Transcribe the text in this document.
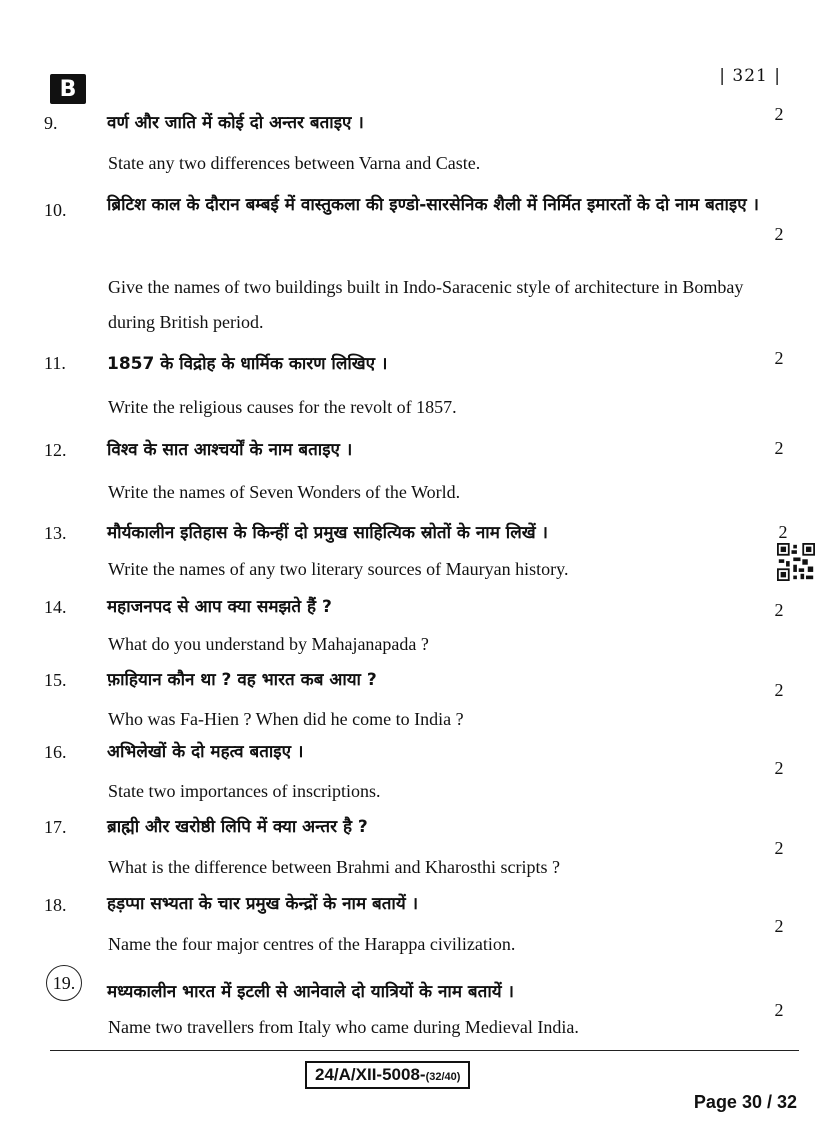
B
| 321 |
9.	वर्ण और जाति में कोई दो अन्तर बताइए ।	2
State any two differences between Varna and Caste.
10.	ब्रिटिश काल के दौरान बम्बई में वास्तुकला की इण्डो-सारसेनिक शैली में निर्मित इमारतों के दो नाम बताइए ।
2
Give the names of two buildings built in Indo-Saracenic style of architecture in Bombay during British period.
11.	1857 के विद्रोह के धार्मिक कारण लिखिए ।	2
Write the religious causes for the revolt of 1857.
12.	विश्व के सात आश्चर्यों के नाम बताइए ।	2
Write the names of Seven Wonders of the World.
13.	मौर्यकालीन इतिहास के किन्हीं दो प्रमुख साहित्यिक स्रोतों के नाम लिखें ।	2
Write the names of any two literary sources of Mauryan history.
14.	महाजनपद से आप क्या समझते हैं ?	2
What do you understand by Mahajanapada ?
15.	फ़ाहियान कौन था ? वह भारत कब आया ?	2
Who was Fa-Hien ? When did he come to India ?
16.	अभिलेखों के दो महत्व बताइए ।
2
State two importances of inscriptions.
17.	ब्राह्मी और खरोष्ठी लिपि में क्या अन्तर है ?
2
What is the difference between Brahmi and Kharosthi scripts ?
18.	हड़प्पा सभ्यता के चार प्रमुख केन्द्रों के नाम बतायें ।
2
Name the four major centres of the Harappa civilization.
19.	मध्यकालीन भारत में इटली से आनेवाले दो यात्रियों के नाम बतायें ।
2
Name two travellers from Italy who came during Medieval India.
24/A/XII-5008-(32/40)
Page 30 / 32
